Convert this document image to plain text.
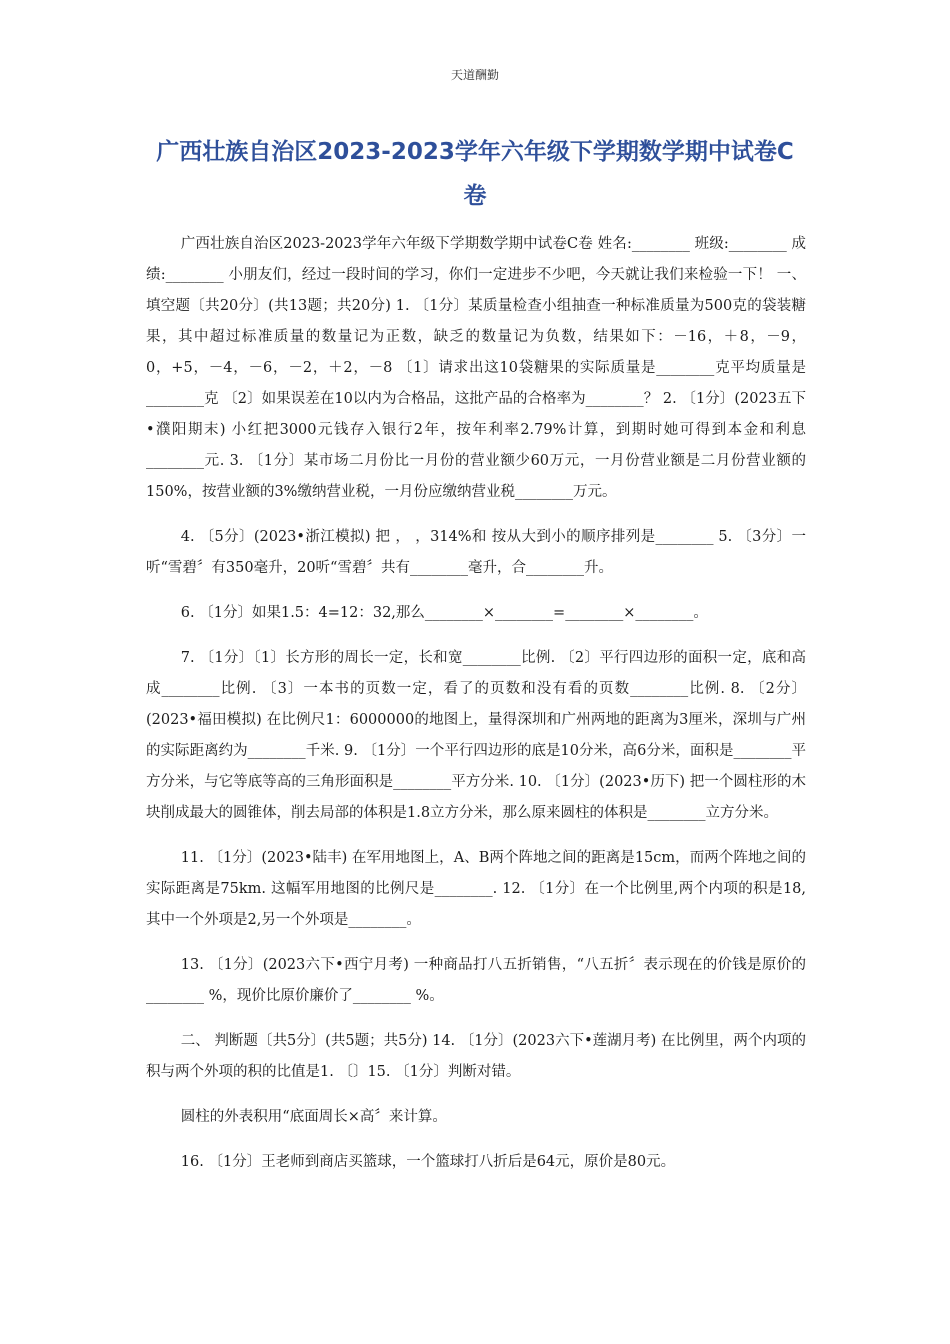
天道酬勤
广西壮族自治区2023-2023学年六年级下学期数学期中试卷C卷

广西壮族自治区2023-2023学年六年级下学期数学期中试卷C卷 姓名:________ 班级:________ 成绩:________ 小朋友们，经过一段时间的学习，你们一定进步不少吧，今天就让我们来检验一下！ 一、 填空题〔共20分〕(共13题；共20分) 1. 〔1分〕某质量检查小组抽查一种标准质量为500克的袋装糖果，其中超过标准质量的数量记为正数，缺乏的数量记为负数，结果如下：－16，＋8，－9，0，+5，－4，－6，－2，＋2，－8 〔1〕请求出这10袋糖果的实际质量是________克平均质量是________克 〔2〕如果误差在10以内为合格品，这批产品的合格率为________？ 2. 〔1分〕(2023五下•濮阳期末) 小红把3000元钱存入银行2年，按年利率2.79%计算，到期时她可得到本金和利息________元. 3. 〔1分〕某市场二月份比一月份的营业额少60万元，一月份营业额是二月份营业额的150%，按营业额的3%缴纳营业税，一月份应缴纳营业税________万元。

4. 〔5分〕(2023•浙江模拟) 把 ， ，314%和 按从大到小的顺序排列是________ 5. 〔3分〕一听“雪碧〞有350毫升，20听“雪碧〞共有________毫升，合________升。

6. 〔1分〕如果1.5：4=12：32,那么________×________=________×________。

7. 〔1分〕〔1〕长方形的周长一定，长和宽________比例. 〔2〕平行四边形的面积一定，底和高成________比例. 〔3〕一本书的页数一定，看了的页数和没有看的页数________比例. 8. 〔2分〕(2023•福田模拟) 在比例尺1：6000000的地图上，量得深圳和广州两地的距离为3厘米，深圳与广州的实际距离约为________千米. 9. 〔1分〕一个平行四边形的底是10分米，高6分米，面积是________平方分米，与它等底等高的三角形面积是________平方分米. 10. 〔1分〕(2023•历下) 把一个圆柱形的木块削成最大的圆锥体，削去局部的体积是1.8立方分米，那么原来圆柱的体积是________立方分米。

11. 〔1分〕(2023•陆丰) 在军用地图上，A、B两个阵地之间的距离是15cm，而两个阵地之间的实际距离是75km. 这幅军用地图的比例尺是________. 12. 〔1分〕在一个比例里,两个内项的积是18,其中一个外项是2,另一个外项是________。

13. 〔1分〕(2023六下•西宁月考) 一种商品打八五折销售，“八五折〞表示现在的价钱是原价的________ %，现价比原价廉价了________ %。

二、 判断题〔共5分〕(共5题；共5分) 14. 〔1分〕(2023六下•莲湖月考) 在比例里，两个内项的积与两个外项的积的比值是1. 〔〕15. 〔1分〕判断对错。

圆柱的外表积用“底面周长×高〞来计算。

16. 〔1分〕王老师到商店买篮球，一个篮球打八折后是64元，原价是80元。
